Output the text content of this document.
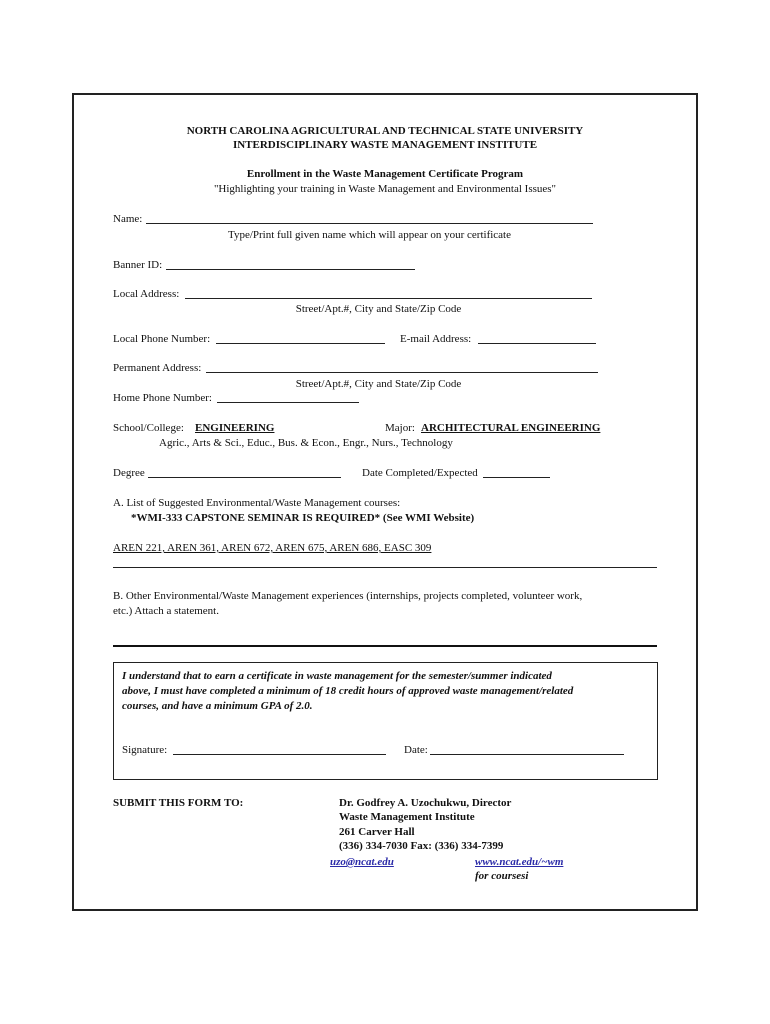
NORTH CAROLINA AGRICULTURAL AND TECHNICAL STATE UNIVERSITY
INTERDISCIPLINARY WASTE MANAGEMENT INSTITUTE
Enrollment in the Waste Management Certificate Program
"Highlighting your training in Waste Management and Environmental Issues"
Name:
Type/Print full given name which will appear on your certificate
Banner ID:
Local Address:
Street/Apt.#, City and State/Zip Code
Local Phone Number:	E-mail Address:
Permanent Address:
Street/Apt.#, City and State/Zip Code
Home Phone Number:
School/College: ENGINEERING	Major: ARCHITECTURAL ENGINEERING
Agric., Arts & Sci., Educ., Bus. & Econ., Engr., Nurs., Technology
Degree	Date Completed/Expected
A. List of Suggested Environmental/Waste Management courses:
*WMI-333 CAPSTONE SEMINAR IS REQUIRED* (See WMI Website)
AREN 221, AREN 361, AREN 672, AREN 675, AREN 686, EASC 309
B. Other Environmental/Waste Management experiences (internships, projects completed, volunteer work,
etc.) Attach a statement.
I understand that to earn a certificate in waste management for the semester/summer indicated
above, I must have completed a minimum of 18 credit hours of approved waste management/related
courses, and have a minimum GPA of 2.0.
Signature:	Date:
SUBMIT THIS FORM TO:	Dr. Godfrey A. Uzochukwu, Director
Waste Management Institute
261 Carver Hall
(336) 334-7030 Fax: (336) 334-7399
uzo@ncat.edu	www.ncat.edu/~wm
for coursesi
